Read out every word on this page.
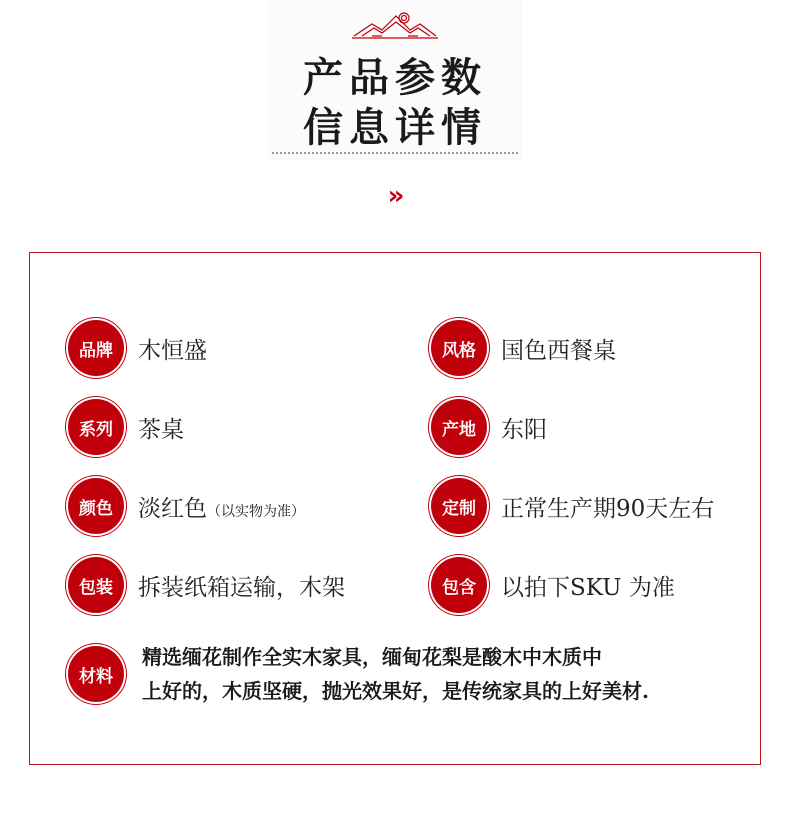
产品参数
信息详情
»
品牌	木恒盛
系列	茶桌
颜色	淡红色（以实物为准）
包装	拆装纸箱运输，木架
风格	国色西餐桌
产地	东阳
定制	正常生产期90天左右
包含	以拍下SKU 为准
材料
精选缅花制作全实木家具，缅甸花梨是酸木中木质中
上好的，木质坚硬，抛光效果好，是传统家具的上好美材.
